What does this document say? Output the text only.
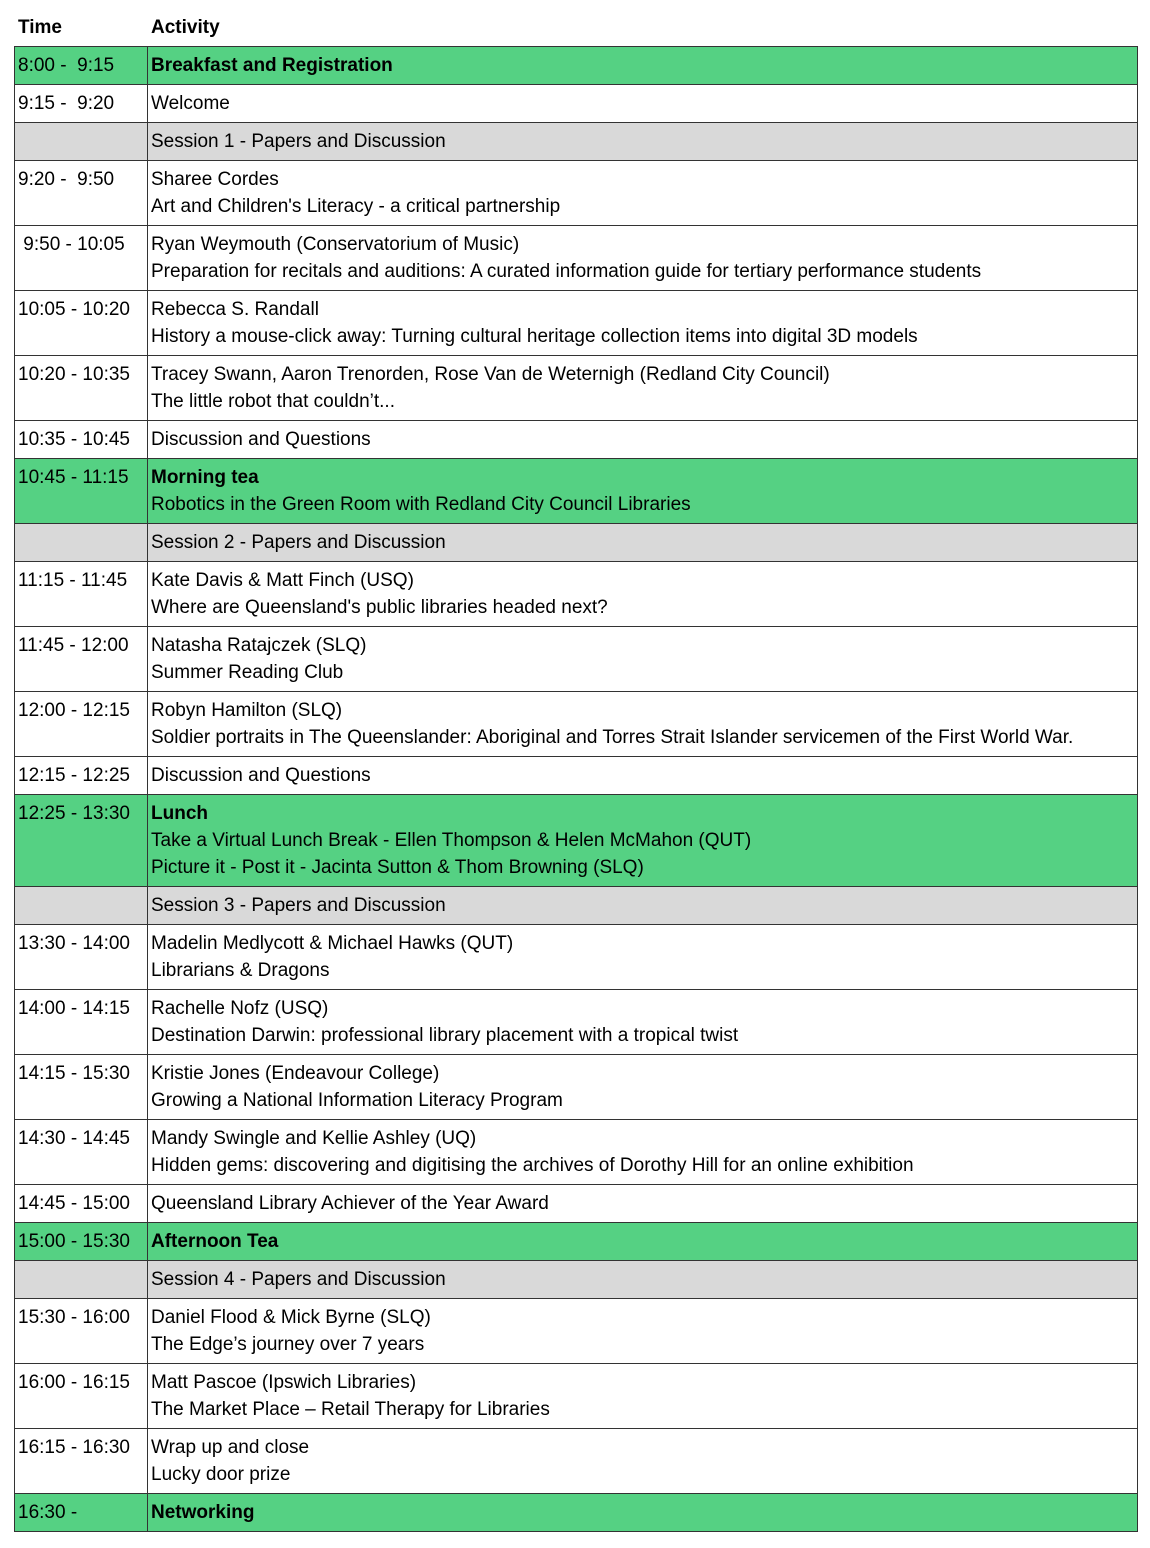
Time	Activity
8:00 -  9:15	Breakfast and Registration

9:15 -  9:20	Welcome

	Session 1 - Papers and Discussion

9:20 -  9:50	Sharee Cordes
Art and Children's Literacy - a critical partnership

9:50 - 10:05	Ryan Weymouth (Conservatorium of Music)
Preparation for recitals and auditions: A curated information guide for tertiary performance students

10:05 - 10:20	Rebecca S. Randall
History a mouse-click away: Turning cultural heritage collection items into digital 3D models

10:20 - 10:35	Tracey Swann, Aaron Trenorden, Rose Van de Weternigh (Redland City Council)
The little robot that couldn’t...

10:35 - 10:45	Discussion and Questions

10:45 - 11:15	Morning tea
Robotics in the Green Room with Redland City Council Libraries

	Session 2 - Papers and Discussion

11:15 - 11:45	Kate Davis & Matt Finch (USQ)
Where are Queensland's public libraries headed next?

11:45 - 12:00	Natasha Ratajczek (SLQ)
Summer Reading Club

12:00 - 12:15	Robyn Hamilton (SLQ)
Soldier portraits in The Queenslander: Aboriginal and Torres Strait Islander servicemen of the First World War.

12:15 - 12:25	Discussion and Questions

12:25 - 13:30	Lunch
Take a Virtual Lunch Break - Ellen Thompson & Helen McMahon (QUT)
Picture it - Post it - Jacinta Sutton & Thom Browning (SLQ)

	Session 3 - Papers and Discussion

13:30 - 14:00	Madelin Medlycott & Michael Hawks (QUT)
Librarians & Dragons

14:00 - 14:15	Rachelle Nofz (USQ)
Destination Darwin: professional library placement with a tropical twist

14:15 - 15:30	Kristie Jones (Endeavour College)
Growing a National Information Literacy Program

14:30 - 14:45	Mandy Swingle and Kellie Ashley (UQ)
Hidden gems: discovering and digitising the archives of Dorothy Hill for an online exhibition

14:45 - 15:00	Queensland Library Achiever of the Year Award

15:00 - 15:30	Afternoon Tea

	Session 4 - Papers and Discussion

15:30 - 16:00	Daniel Flood & Mick Byrne (SLQ)
The Edge’s journey over 7 years

16:00 - 16:15	Matt Pascoe (Ipswich Libraries)
The Market Place – Retail Therapy for Libraries

16:15 - 16:30	Wrap up and close
Lucky door prize

16:30 -	Networking
